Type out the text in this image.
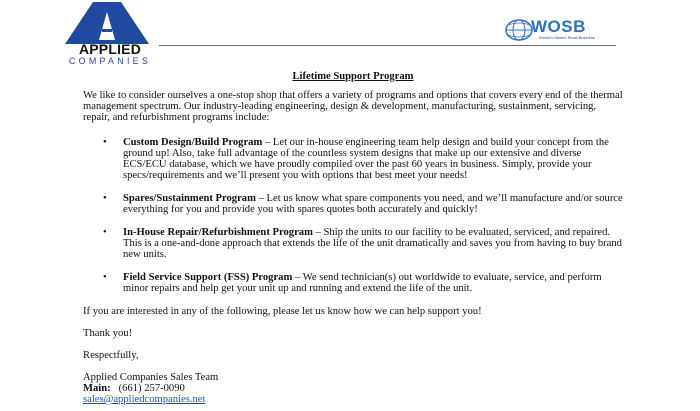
APPLIED
COMPANIES
WOSB
Women Owned Small Business
Lifetime Support Program

We like to consider ourselves a one-stop shop that offers a variety of programs and options that covers every end of the thermal management spectrum. Our industry-leading engineering, design & development, manufacturing, sustainment, servicing, repair, and refurbishment programs include:

• Custom Design/Build Program – Let our in-house engineering team help design and build your concept from the ground up! Also, take full advantage of the countless system designs that make up our extensive and diverse ECS/ECU database, which we have proudly compiled over the past 60 years in business. Simply, provide your specs/requirements and we’ll present you with options that best meet your needs!
• Spares/Sustainment Program – Let us know what spare components you need, and we’ll manufacture and/or source everything for you and provide you with spares quotes both accurately and quickly!
• In-House Repair/Refurbishment Program – Ship the units to our facility to be evaluated, serviced, and repaired. This is a one-and-done approach that extends the life of the unit dramatically and saves you from having to buy brand new units.
• Field Service Support (FSS) Program – We send technician(s) out worldwide to evaluate, service, and perform minor repairs and help get your unit up and running and extend the life of the unit.

If you are interested in any of the following, please let us know how we can help support you!

Thank you!

Respectfully,

Applied Companies Sales Team

Main: (661) 257-0090

sales@appliedcompanies.net
